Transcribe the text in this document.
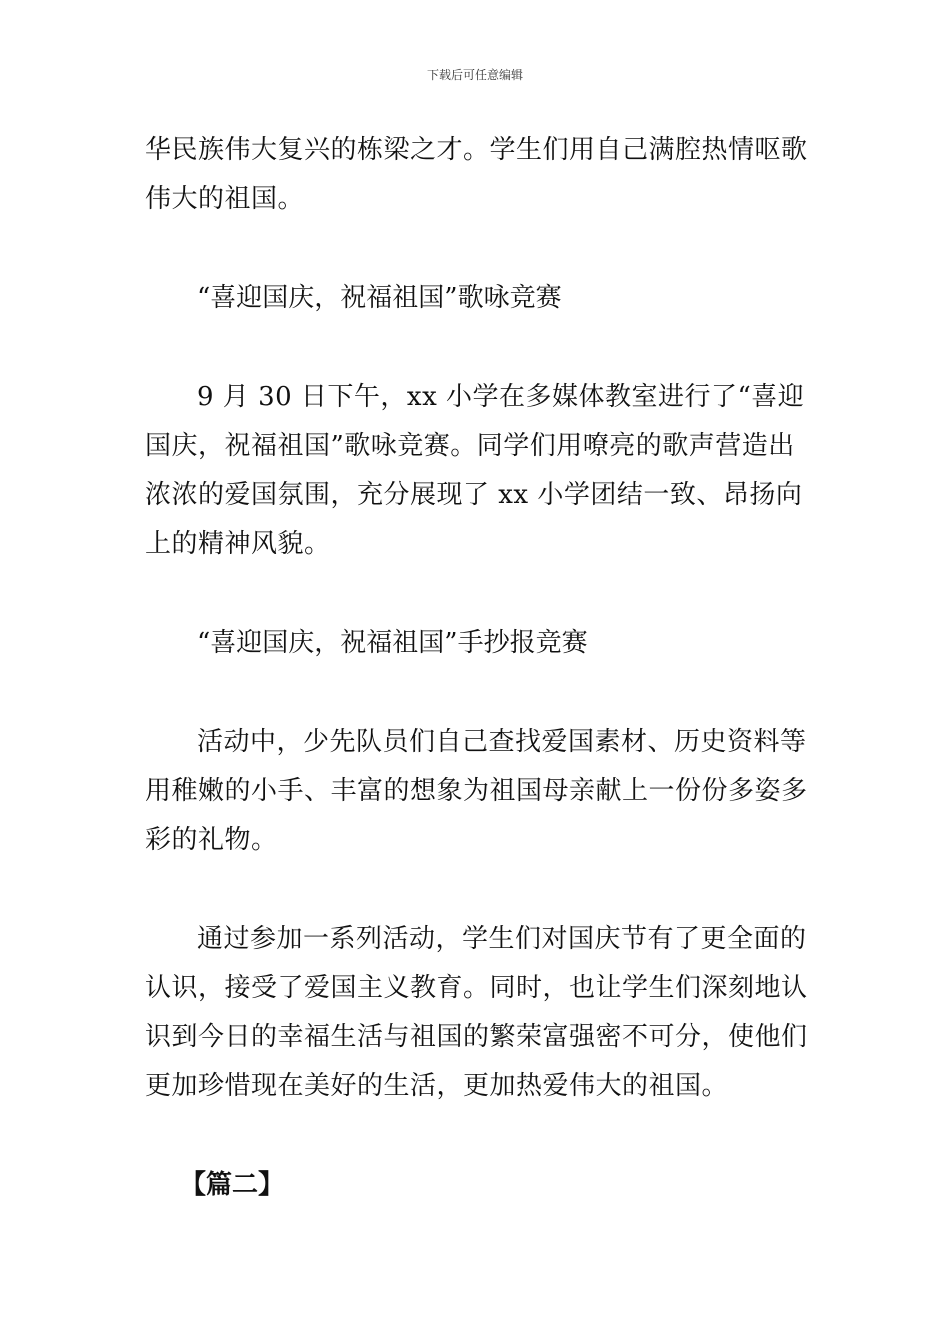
下载后可任意编辑

华民族伟大复兴的栋梁之才。学生们用自己满腔热情呕歌伟大的祖国。

“喜迎国庆，祝福祖国”歌咏竞赛

9 月 30 日下午，xx 小学在多媒体教室进行了“喜迎国庆，祝福祖国”歌咏竞赛。同学们用嘹亮的歌声营造出浓浓的爱国氛围，充分展现了 xx 小学团结一致、昂扬向上的精神风貌。

“喜迎国庆，祝福祖国”手抄报竞赛

活动中，少先队员们自己查找爱国素材、历史资料等用稚嫩的小手、丰富的想象为祖国母亲献上一份份多姿多彩的礼物。

通过参加一系列活动，学生们对国庆节有了更全面的认识，接受了爱国主义教育。同时，也让学生们深刻地认识到今日的幸福生活与祖国的繁荣富强密不可分，使他们更加珍惜现在美好的生活，更加热爱伟大的祖国。

【篇二】
